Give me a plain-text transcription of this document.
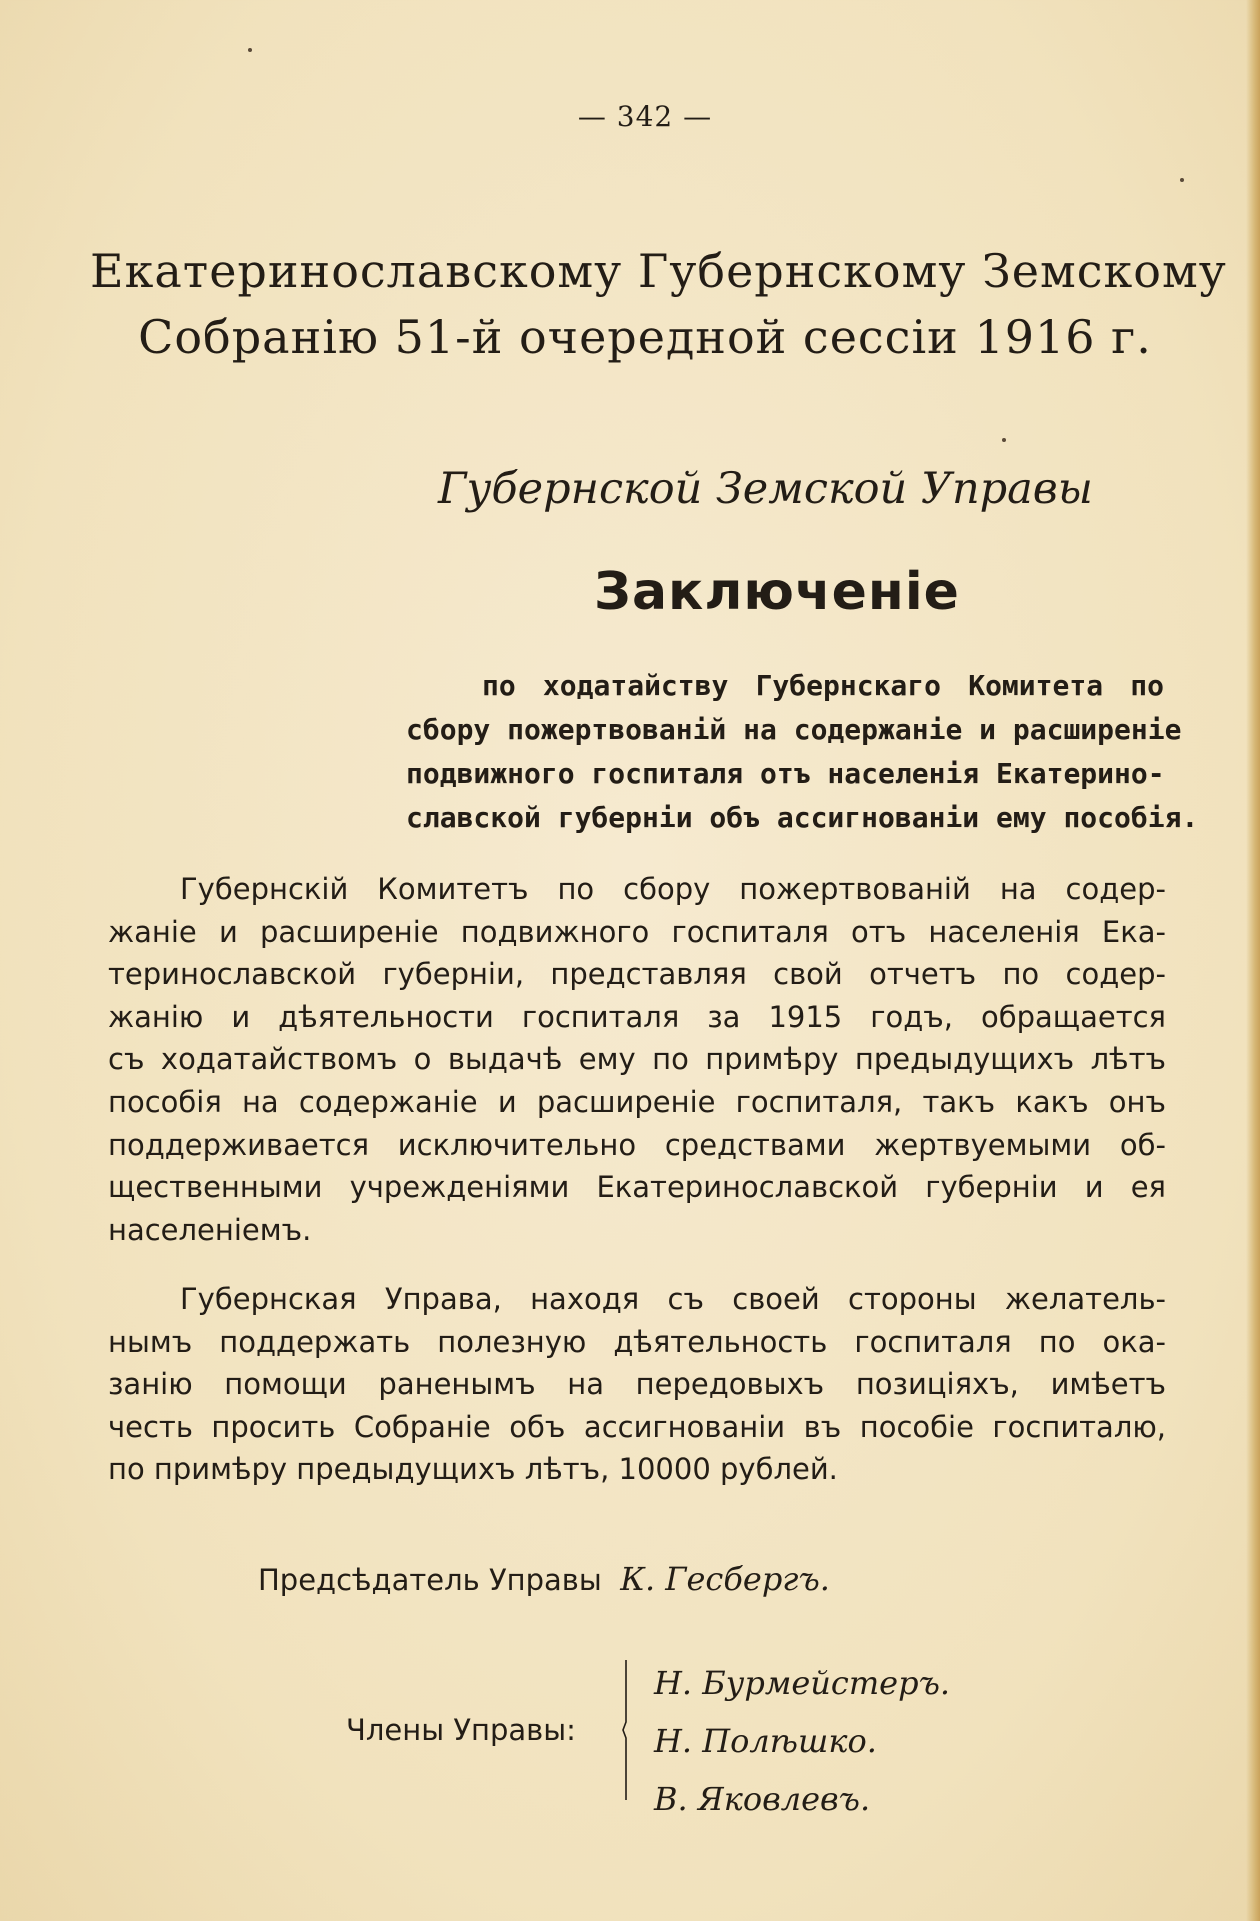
— 342 —
Екатеринославскому Губернскому Земскому
Собранію 51-й очередной сессіи 1916 г.
Губернской Земской Управы
Заключеніе
по ходатайству Губернскаго Комитета по
сбору пожертвованій на содержаніе и расширеніе
подвижного госпиталя отъ населенія Екатерино-
славской губерніи объ ассигнованіи ему пособія.
Губернскій Комитетъ по сбору пожертвованій на содер-
жаніе и расширеніе подвижного госпиталя отъ населенія Ека-
теринославской губерніи, представляя свой отчетъ по содер-
жанію и дѣятельности госпиталя за 1915 годъ, обращается
съ ходатайствомъ о выдачѣ ему по примѣру предыдущихъ лѣтъ
пособія на содержаніе и расширеніе госпиталя, такъ какъ онъ
поддерживается исключительно средствами жертвуемыми об-
щественными учрежденіями Екатеринославской губерніи и ея
населеніемъ.
Губернская Управа, находя съ своей стороны желатель-
нымъ поддержать полезную дѣятельность госпиталя по ока-
занію помощи раненымъ на передовыхъ позиціяхъ, имѣетъ
честь просить Собраніе объ ассигнованіи въ пособіе госпиталю,
по примѣру предыдущихъ лѣтъ, 10000 рублей.
Предсѣдатель Управы К. Гесбергъ.
Члены Управы:
Н. Бурмейстеръ.
Н. Полѣшко.
В. Яковлевъ.
